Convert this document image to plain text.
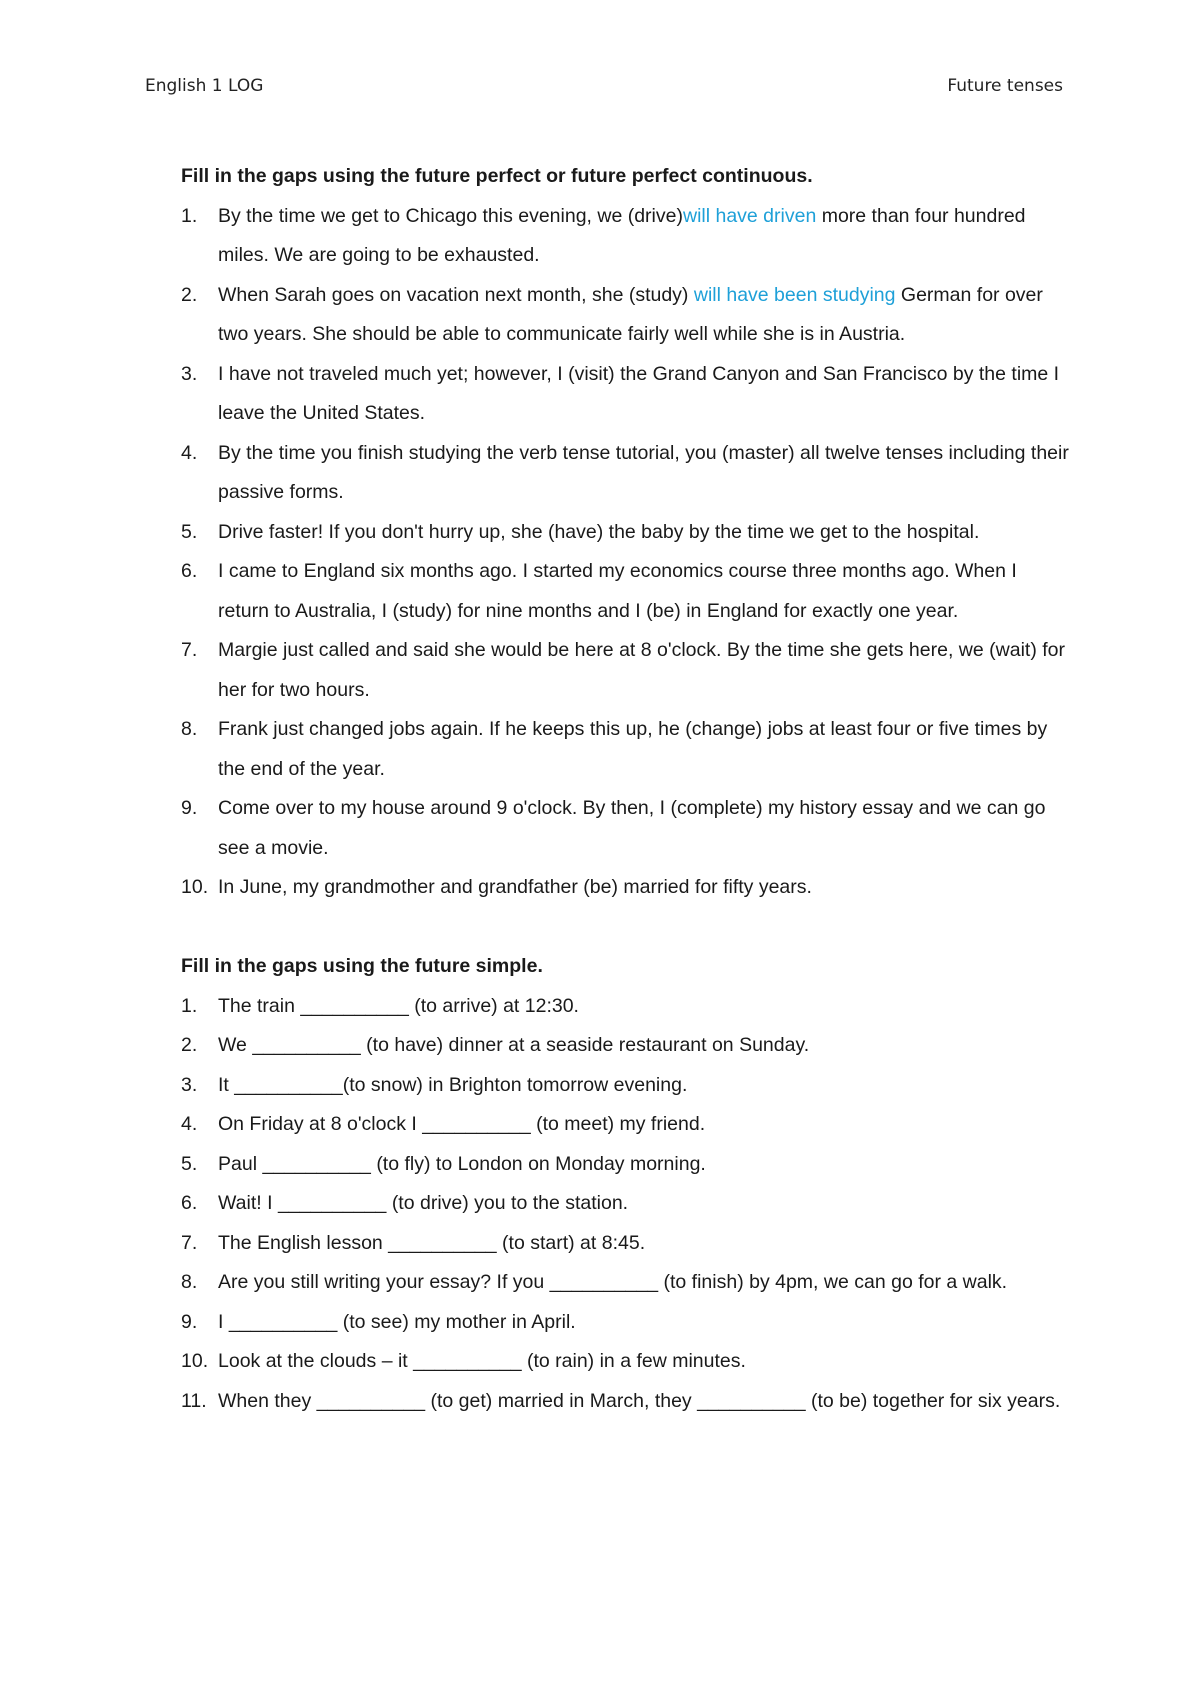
English 1 LOG	Future tenses
Fill in the gaps using the future perfect or future perfect continuous.
1. By the time we get to Chicago this evening, we (drive)will have driven more than four hundred miles. We are going to be exhausted.
2. When Sarah goes on vacation next month, she (study) will have been studying German for over two years. She should be able to communicate fairly well while she is in Austria.
3. I have not traveled much yet; however, I (visit) the Grand Canyon and San Francisco by the time I leave the United States.
4. By the time you finish studying the verb tense tutorial, you (master) all twelve tenses including their passive forms.
5. Drive faster! If you don't hurry up, she (have) the baby by the time we get to the hospital.
6. I came to England six months ago. I started my economics course three months ago. When I return to Australia, I (study) for nine months and I (be) in England for exactly one year.
7. Margie just called and said she would be here at 8 o'clock. By the time she gets here, we (wait) for her for two hours.
8. Frank just changed jobs again. If he keeps this up, he (change) jobs at least four or five times by the end of the year.
9. Come over to my house around 9 o'clock. By then, I (complete) my history essay and we can go see a movie.
10. In June, my grandmother and grandfather (be) married for fifty years.
Fill in the gaps using the future simple.
1. The train __________ (to arrive) at 12:30.
2. We __________ (to have) dinner at a seaside restaurant on Sunday.
3. It __________(to snow) in Brighton tomorrow evening.
4. On Friday at 8 o'clock I __________ (to meet) my friend.
5. Paul __________ (to fly) to London on Monday morning.
6. Wait! I __________ (to drive) you to the station.
7. The English lesson __________ (to start) at 8:45.
8. Are you still writing your essay? If you __________ (to finish) by 4pm, we can go for a walk.
9. I __________ (to see) my mother in April.
10. Look at the clouds – it __________ (to rain) in a few minutes.
11. When they __________ (to get) married in March, they __________ (to be) together for six years.
